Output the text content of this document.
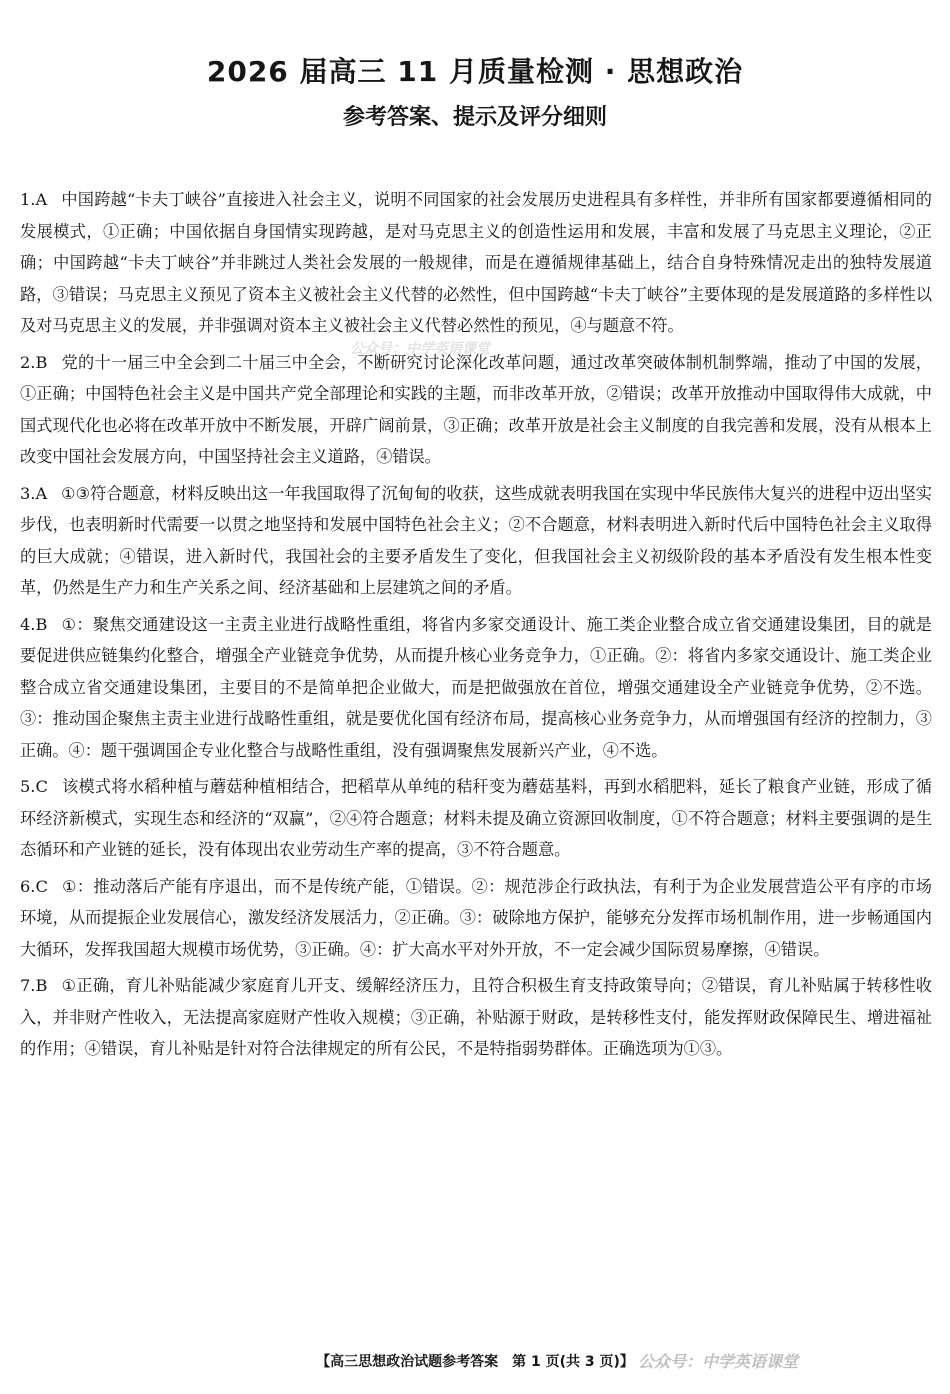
2026 届高三 11 月质量检测 · 思想政治
参考答案、提示及评分细则

1.A 中国跨越“卡夫丁峡谷”直接进入社会主义，说明不同国家的社会发展历史进程具有多样性，并非所有国家都要遵循相同的发展模式，①正确；中国依据自身国情实现跨越，是对马克思主义的创造性运用和发展，丰富和发展了马克思主义理论，②正确；中国跨越“卡夫丁峡谷”并非跳过人类社会发展的一般规律，而是在遵循规律基础上，结合自身特殊情况走出的独特发展道路，③错误；马克思主义预见了资本主义被社会主义代替的必然性，但中国跨越“卡夫丁峡谷”主要体现的是发展道路的多样性以及对马克思主义的发展，并非强调对资本主义被社会主义代替必然性的预见，④与题意不符。

2.B 党的十一届三中全会到二十届三中全会，不断研究讨论深化改革问题，通过改革突破体制机制弊端，推动了中国的发展，①正确；中国特色社会主义是中国共产党全部理论和实践的主题，而非改革开放，②错误；改革开放推动中国取得伟大成就，中国式现代化也必将在改革开放中不断发展，开辟广阔前景，③正确；改革开放是社会主义制度的自我完善和发展，没有从根本上改变中国社会发展方向，中国坚持社会主义道路，④错误。

3.A ①③符合题意，材料反映出这一年我国取得了沉甸甸的收获，这些成就表明我国在实现中华民族伟大复兴的进程中迈出坚实步伐，也表明新时代需要一以贯之地坚持和发展中国特色社会主义；②不合题意，材料表明进入新时代后中国特色社会主义取得的巨大成就；④错误，进入新时代，我国社会的主要矛盾发生了变化，但我国社会主义初级阶段的基本矛盾没有发生根本性变革，仍然是生产力和生产关系之间、经济基础和上层建筑之间的矛盾。

4.B ①：聚焦交通建设这一主责主业进行战略性重组，将省内多家交通设计、施工类企业整合成立省交通建设集团，目的就是要促进供应链集约化整合，增强全产业链竞争优势，从而提升核心业务竞争力，①正确。②：将省内多家交通设计、施工类企业整合成立省交通建设集团，主要目的不是简单把企业做大，而是把做强放在首位，增强交通建设全产业链竞争优势，②不选。③：推动国企聚焦主责主业进行战略性重组，就是要优化国有经济布局，提高核心业务竞争力，从而增强国有经济的控制力，③正确。④：题干强调国企专业化整合与战略性重组，没有强调聚焦发展新兴产业，④不选。

5.C 该模式将水稻种植与蘑菇种植相结合，把稻草从单纯的秸秆变为蘑菇基料，再到水稻肥料，延长了粮食产业链，形成了循环经济新模式，实现生态和经济的“双赢”，②④符合题意；材料未提及确立资源回收制度，①不符合题意；材料主要强调的是生态循环和产业链的延长，没有体现出农业劳动生产率的提高，③不符合题意。

6.C ①：推动落后产能有序退出，而不是传统产能，①错误。②：规范涉企行政执法，有利于为企业发展营造公平有序的市场环境，从而提振企业发展信心，激发经济发展活力，②正确。③：破除地方保护，能够充分发挥市场机制作用，进一步畅通国内大循环，发挥我国超大规模市场优势，③正确。④：扩大高水平对外开放，不一定会减少国际贸易摩擦，④错误。

7.B ①正确，育儿补贴能减少家庭育儿开支、缓解经济压力，且符合积极生育支持政策导向；②错误，育儿补贴属于转移性收入，并非财产性收入，无法提高家庭财产性收入规模；③正确，补贴源于财政，是转移性支付，能发挥财政保障民生、增进福祉的作用；④错误，育儿补贴是针对符合法律规定的所有公民，不是特指弱势群体。正确选项为①③。

公众号：中学英语课堂
【高三思想政治试题参考答案　第 1 页(共 3 页)】 公众号：中学英语课堂
